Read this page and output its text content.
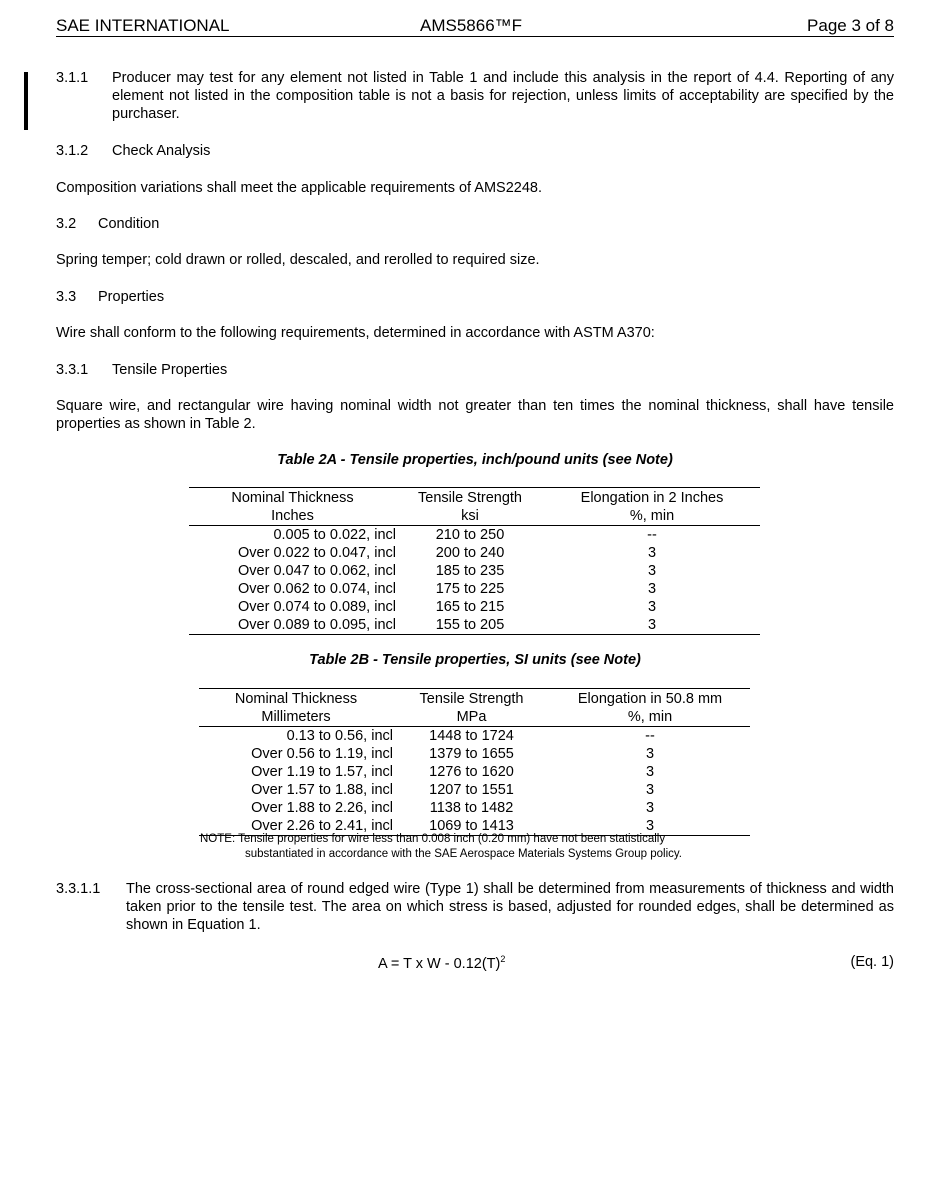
SAE INTERNATIONAL	AMS5866™F	Page 3 of 8
3.1.1 Producer may test for any element not listed in Table 1 and include this analysis in the report of 4.4. Reporting of any element not listed in the composition table is not a basis for rejection, unless limits of acceptability are specified by the purchaser.
3.1.2 Check Analysis
Composition variations shall meet the applicable requirements of AMS2248.
3.2 Condition
Spring temper; cold drawn or rolled, descaled, and rerolled to required size.
3.3 Properties
Wire shall conform to the following requirements, determined in accordance with ASTM A370:
3.3.1 Tensile Properties
Square wire, and rectangular wire having nominal width not greater than ten times the nominal thickness, shall have tensile properties as shown in Table 2.
Table 2A - Tensile properties, inch/pound units (see Note)
Nominal Thickness	Tensile Strength	Elongation in 2 Inches
Inches	ksi	%, min
0.005 to 0.022, incl	210 to 250	--
Over 0.022 to 0.047, incl	200 to 240	3
Over 0.047 to 0.062, incl	185 to 235	3
Over 0.062 to 0.074, incl	175 to 225	3
Over 0.074 to 0.089, incl	165 to 215	3
Over 0.089 to 0.095, incl	155 to 205	3
Table 2B - Tensile properties, SI units (see Note)
Nominal Thickness	Tensile Strength	Elongation in 50.8 mm
Millimeters	MPa	%, min
0.13 to 0.56, incl	1448 to 1724	--
Over 0.56 to 1.19, incl	1379 to 1655	3
Over 1.19 to 1.57, incl	1276 to 1620	3
Over 1.57 to 1.88, incl	1207 to 1551	3
Over 1.88 to 2.26, incl	1138 to 1482	3
Over 2.26 to 2.41, incl	1069 to 1413	3
NOTE: Tensile properties for wire less than 0.008 inch (0.20 mm) have not been statistically
substantiated in accordance with the SAE Aerospace Materials Systems Group policy.
3.3.1.1 The cross-sectional area of round edged wire (Type 1) shall be determined from measurements of thickness and width taken prior to the tensile test. The area on which stress is based, adjusted for rounded edges, shall be determined as shown in Equation 1.
A = T x W - $0.12(T)^2$	(Eq. 1)
